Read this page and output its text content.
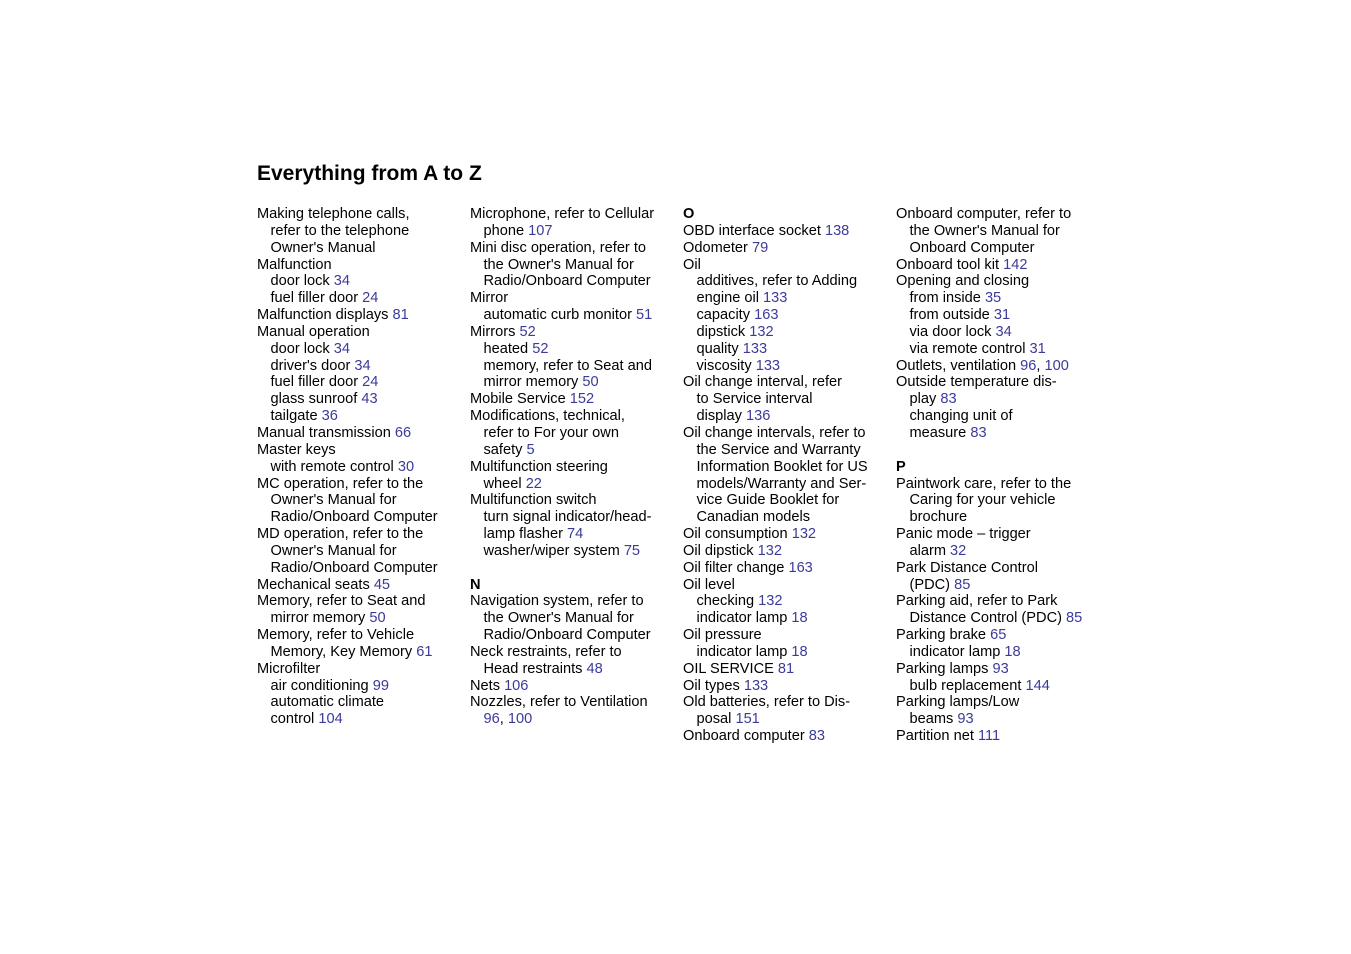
Everything from A to Z
Making telephone calls,
refer to the telephone
Owner's Manual
Malfunction
door lock 34
fuel filler door 24
Malfunction displays 81
Manual operation
door lock 34
driver's door 34
fuel filler door 24
glass sunroof 43
tailgate 36
Manual transmission 66
Master keys
with remote control 30
MC operation, refer to the
Owner's Manual for
Radio/Onboard Computer
MD operation, refer to the
Owner's Manual for
Radio/Onboard Computer
Mechanical seats 45
Memory, refer to Seat and
mirror memory 50
Memory, refer to Vehicle
Memory, Key Memory 61
Microfilter
air conditioning 99
automatic climate
control 104
Microphone, refer to Cellular
phone 107
Mini disc operation, refer to
the Owner's Manual for
Radio/Onboard Computer
Mirror
automatic curb monitor 51
Mirrors 52
heated 52
memory, refer to Seat and
mirror memory 50
Mobile Service 152
Modifications, technical,
refer to For your own
safety 5
Multifunction steering
wheel 22
Multifunction switch
turn signal indicator/head-
lamp flasher 74
washer/wiper system 75
N
Navigation system, refer to
the Owner's Manual for
Radio/Onboard Computer
Neck restraints, refer to
Head restraints 48
Nets 106
Nozzles, refer to Ventilation
96, 100
O
OBD interface socket 138
Odometer 79
Oil
additives, refer to Adding
engine oil 133
capacity 163
dipstick 132
quality 133
viscosity 133
Oil change interval, refer
to Service interval
display 136
Oil change intervals, refer to
the Service and Warranty
Information Booklet for US
models/Warranty and Ser-
vice Guide Booklet for
Canadian models
Oil consumption 132
Oil dipstick 132
Oil filter change 163
Oil level
checking 132
indicator lamp 18
Oil pressure
indicator lamp 18
OIL SERVICE 81
Oil types 133
Old batteries, refer to Dis-
posal 151
Onboard computer 83
Onboard computer, refer to
the Owner's Manual for
Onboard Computer
Onboard tool kit 142
Opening and closing
from inside 35
from outside 31
via door lock 34
via remote control 31
Outlets, ventilation 96, 100
Outside temperature dis-
play 83
changing unit of
measure 83
P
Paintwork care, refer to the
Caring for your vehicle
brochure
Panic mode – trigger
alarm 32
Park Distance Control
(PDC) 85
Parking aid, refer to Park
Distance Control (PDC) 85
Parking brake 65
indicator lamp 18
Parking lamps 93
bulb replacement 144
Parking lamps/Low
beams 93
Partition net 111
